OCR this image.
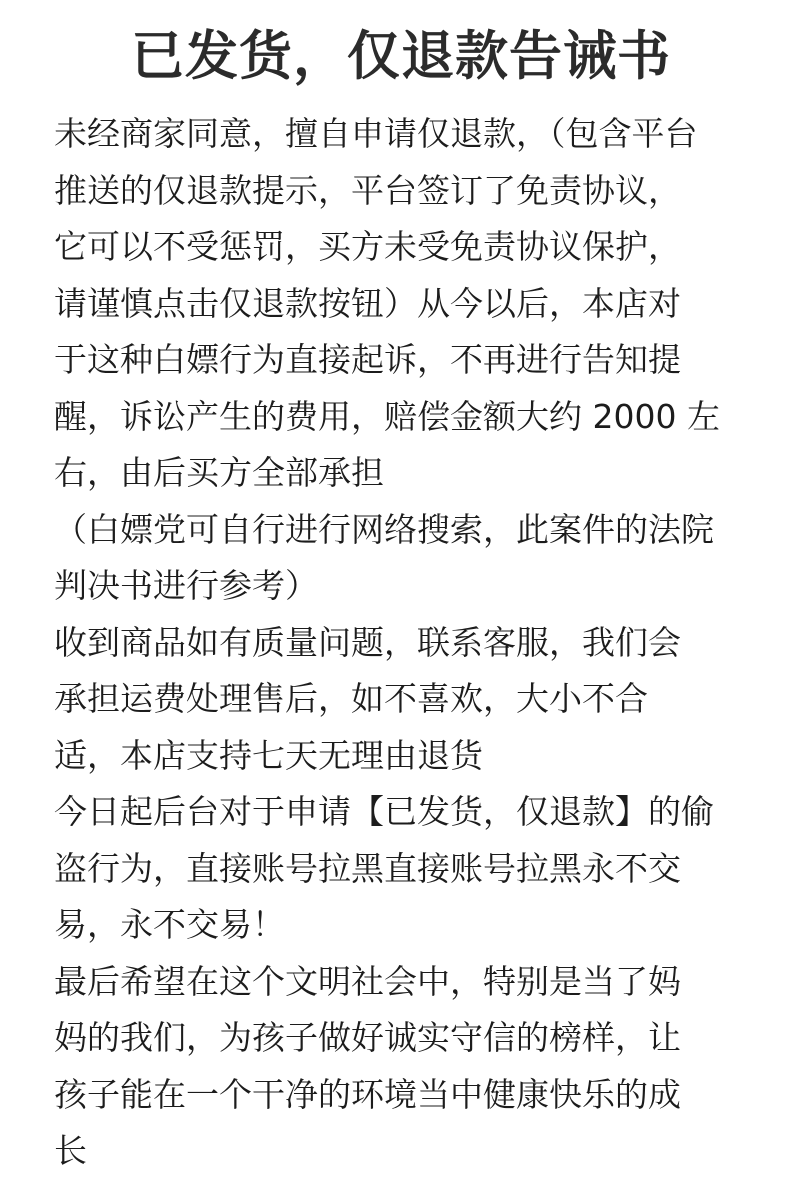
已发货，仅退款告诫书
未经商家同意，擅自申请仅退款，（包含平台
推送的仅退款提示，平台签订了免责协议，
它可以不受惩罚，买方未受免责协议保护，
请谨慎点击仅退款按钮）从今以后，本店对
于这种白嫖行为直接起诉，不再进行告知提
醒，诉讼产生的费用，赔偿金额大约 2000 左
右，由后买方全部承担
（白嫖党可自行进行网络搜索，此案件的法院
判决书进行参考）
收到商品如有质量问题，联系客服，我们会
承担运费处理售后，如不喜欢，大小不合
适，本店支持七天无理由退货
今日起后台对于申请【已发货，仅退款】的偷
盗行为，直接账号拉黑直接账号拉黑永不交
易，永不交易！
最后希望在这个文明社会中，特别是当了妈
妈的我们，为孩子做好诚实守信的榜样，让
孩子能在一个干净的环境当中健康快乐的成
长
